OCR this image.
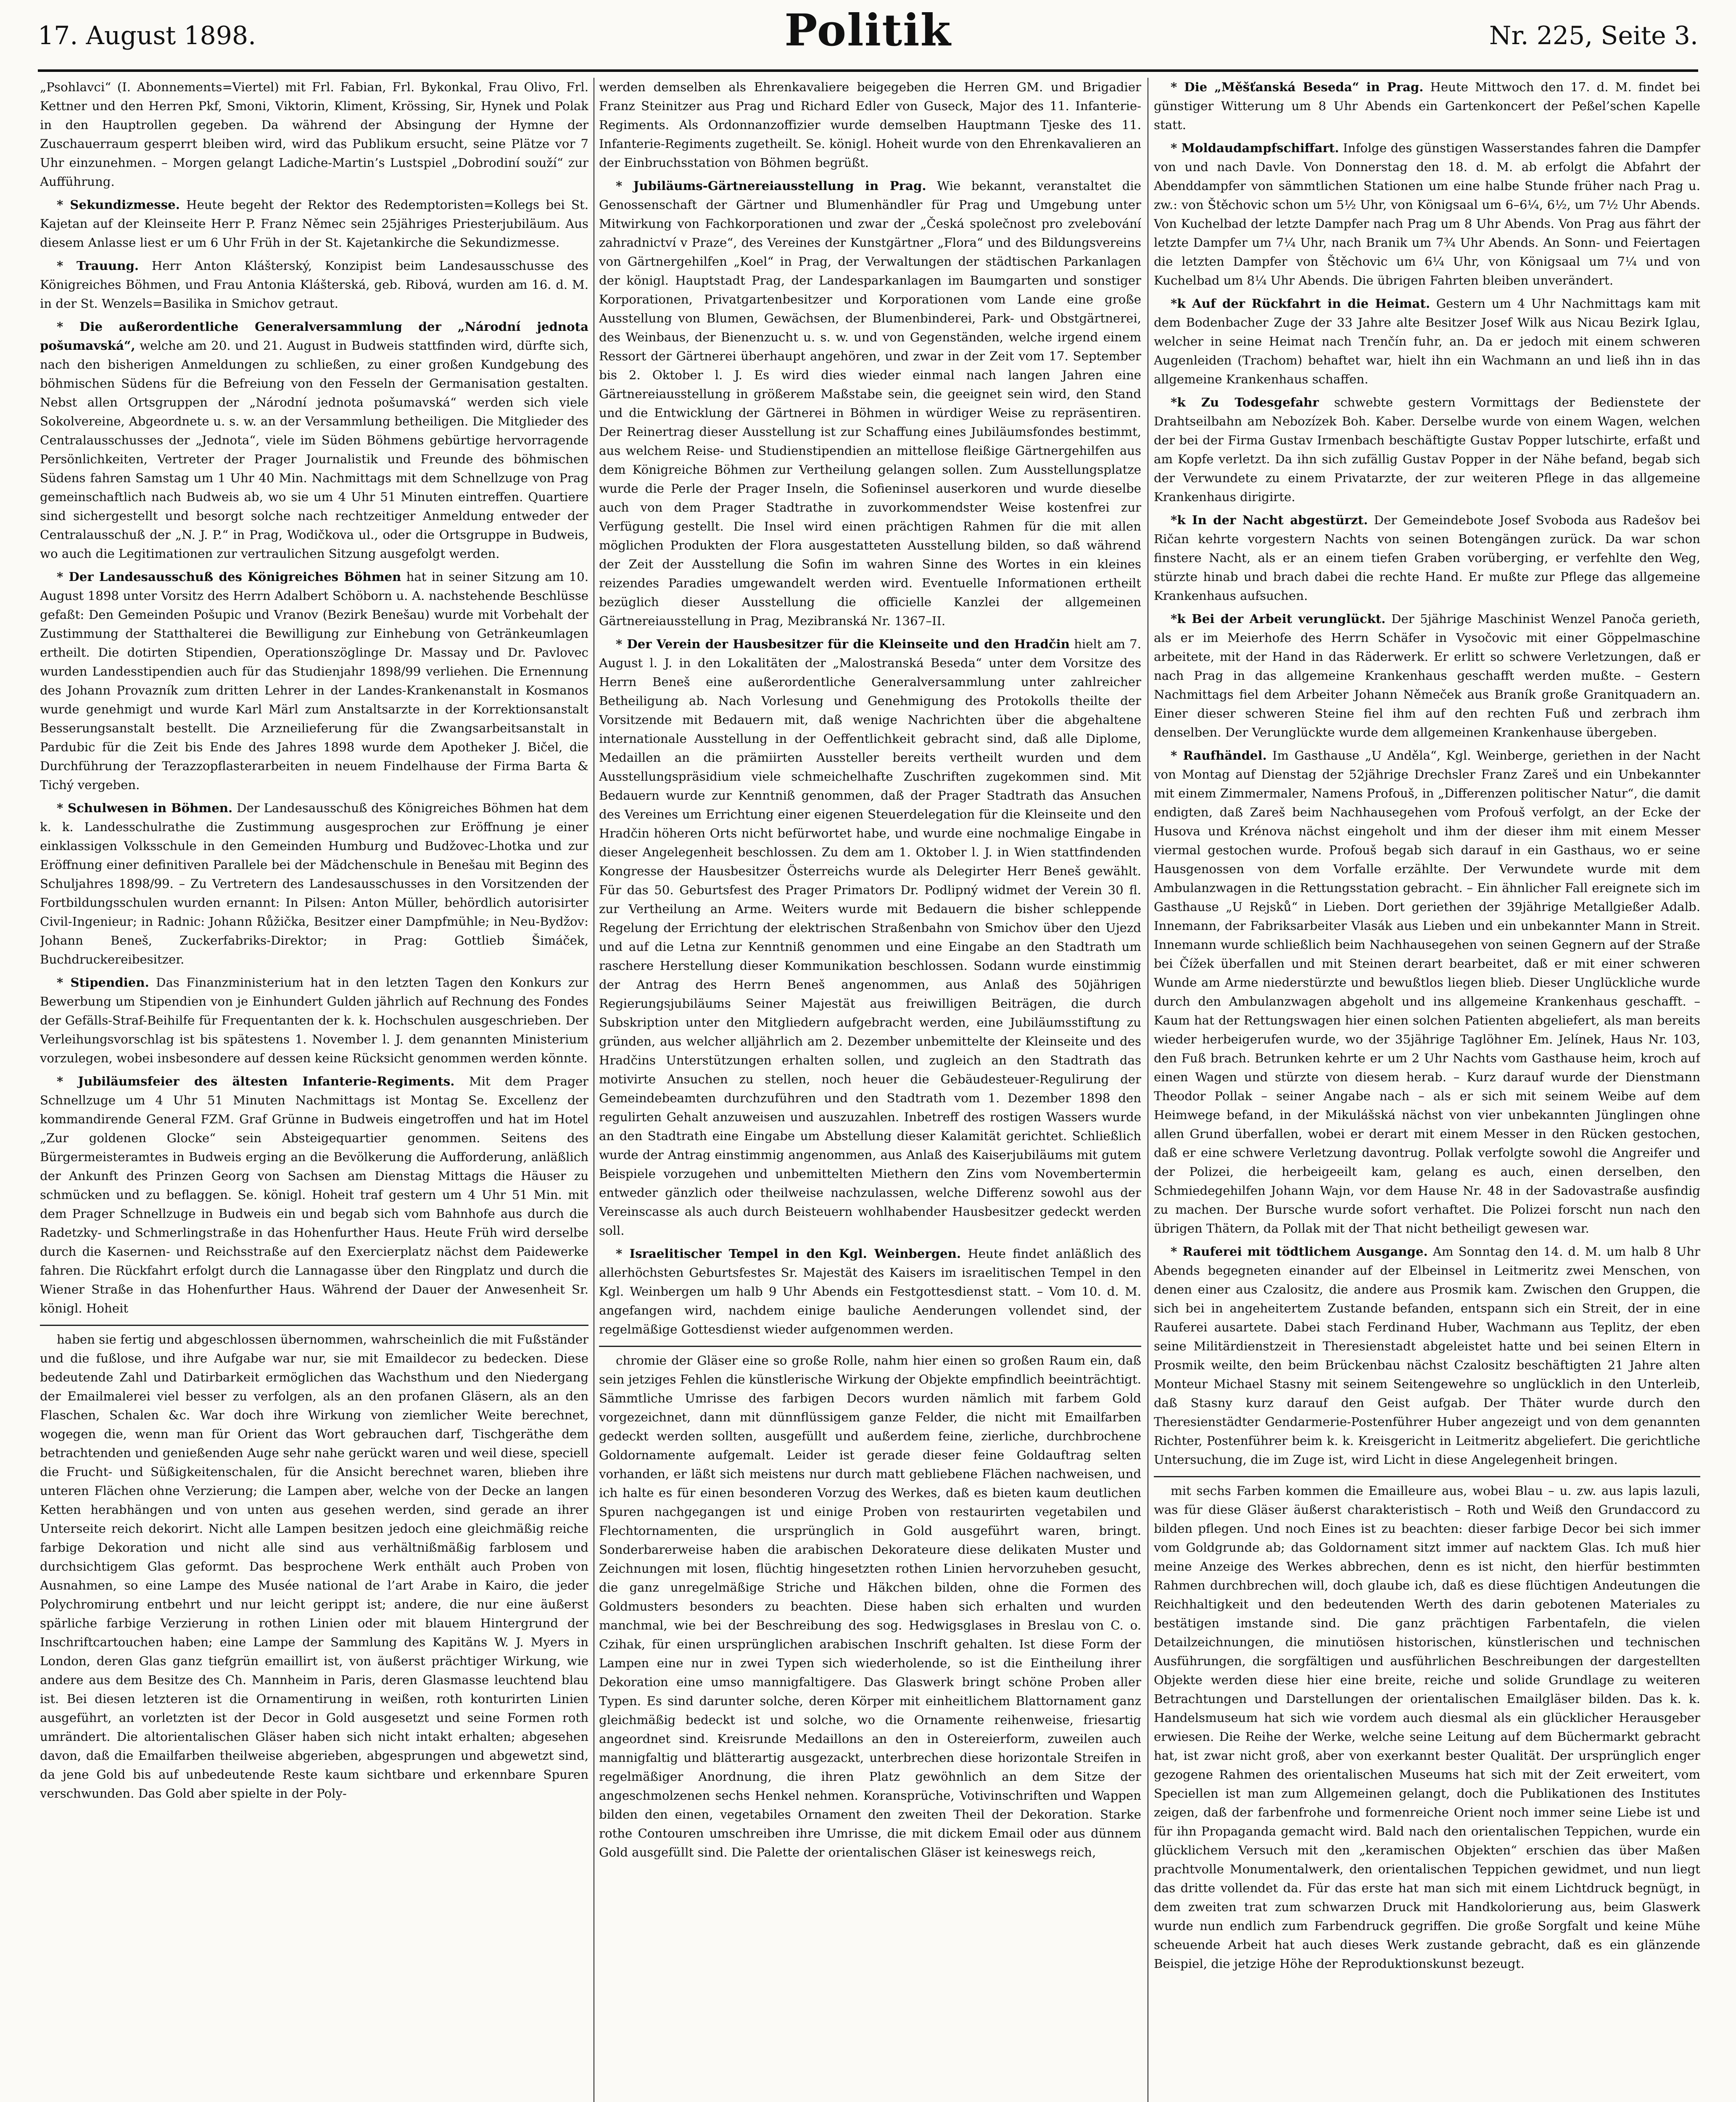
17. August 1898.	Politik	Nr. 225, Seite 3.

„Psohlavci“ (I. Abonnements=Viertel) mit Frl. Fabian, Frl. Bykonkal, Frau Olivo, Frl. Kettner und den Herren Pkf, Smoni, Viktorin, Kliment, Krössing, Sir, Hynek und Polak in den Hauptrollen gegeben. Da während der Absingung der Hymne der Zuschauerraum gesperrt bleiben wird, wird das Publikum ersucht, seine Plätze vor 7 Uhr einzunehmen. – Morgen gelangt Ladiche-Martin’s Lustspiel „Dobrodiní souží“ zur Aufführung.

* Sekundizmesse. Heute begeht der Rektor des Redemptoristen=Kollegs bei St. Kajetan auf der Kleinseite Herr P. Franz Němec sein 25jähriges Priesterjubiläum. Aus diesem Anlasse liest er um 6 Uhr Früh in der St. Kajetankirche die Sekundizmesse.

* Trauung. Herr Anton Klášterský, Konzipist beim Landesausschusse des Königreiches Böhmen, und Frau Antonia Klášterská, geb. Ribová, wurden am 16. d. M. in der St. Wenzels=Basilika in Smichov getraut.

* Die außerordentliche Generalversammlung der „Národní jednota pošumavská“, welche am 20. und 21. August in Budweis stattfinden wird, dürfte sich, nach den bisherigen Anmeldungen zu schließen, zu einer großen Kundgebung des böhmischen Südens für die Befreiung von den Fesseln der Germanisation gestalten. Nebst allen Ortsgruppen der „Národní jednota pošumavská“ werden sich viele Sokolvereine, Abgeordnete u. s. w. an der Versammlung betheiligen. Die Mitglieder des Centralausschusses der „Jednota“, viele im Süden Böhmens gebürtige hervorragende Persönlichkeiten, Vertreter der Prager Journalistik und Freunde des böhmischen Südens fahren Samstag um 1 Uhr 40 Min. Nachmittags mit dem Schnellzuge von Prag gemeinschaftlich nach Budweis ab, wo sie um 4 Uhr 51 Minuten eintreffen. Quartiere sind sichergestellt und besorgt solche nach rechtzeitiger Anmeldung entweder der Centralausschuß der „N. J. P.“ in Prag, Wodičkova ul., oder die Ortsgruppe in Budweis, wo auch die Legitimationen zur vertraulichen Sitzung ausgefolgt werden.

* Der Landesausschuß des Königreiches Böhmen hat in seiner Sitzung am 10. August 1898 unter Vorsitz des Herrn Adalbert Schöborn u. A. nachstehende Beschlüsse gefaßt: Den Gemeinden Pošupic und Vranov (Bezirk Benešau) wurde mit Vorbehalt der Zustimmung der Statthalterei die Bewilligung zur Einhebung von Getränkeumlagen ertheilt. Die dotirten Stipendien, Operationszöglinge Dr. Massay und Dr. Pavlovec wurden Landesstipendien auch für das Studienjahr 1898/99 verliehen. Die Ernennung des Johann Provazník zum dritten Lehrer in der Landes-Krankenanstalt in Kosmanos wurde genehmigt und wurde Karl Märl zum Anstaltsarzte in der Korrektionsanstalt Besserungsanstalt bestellt. Die Arzneilieferung für die Zwangsarbeitsanstalt in Pardubic für die Zeit bis Ende des Jahres 1898 wurde dem Apotheker J. Bičel, die Durchführung der Terazzopflasterarbeiten in neuem Findelhause der Firma Barta & Tichý vergeben.

* Schulwesen in Böhmen. Der Landesausschuß des Königreiches Böhmen hat dem k. k. Landesschulrathe die Zustimmung ausgesprochen zur Eröffnung je einer einklassigen Volksschule in den Gemeinden Humburg und Budžovec-Lhotka und zur Eröffnung einer definitiven Parallele bei der Mädchenschule in Benešau mit Beginn des Schuljahres 1898/99. – Zu Vertretern des Landesausschusses in den Vorsitzenden der Fortbildungsschulen wurden ernannt: In Pilsen: Anton Müller, behördlich autorisirter Civil-Ingenieur; in Radnic: Johann Růžička, Besitzer einer Dampfmühle; in Neu-Bydžov: Johann Beneš, Zuckerfabriks-Direktor; in Prag: Gottlieb Šimáček, Buchdruckereibesitzer.

* Stipendien. Das Finanzministerium hat in den letzten Tagen den Konkurs zur Bewerbung um Stipendien von je Einhundert Gulden jährlich auf Rechnung des Fondes der Gefälls-Straf-Beihilfe für Frequentanten der k. k. Hochschulen ausgeschrieben. Der Verleihungsvorschlag ist bis spätestens 1. November l. J. dem genannten Ministerium vorzulegen, wobei insbesondere auf dessen keine Rücksicht genommen werden könnte.

* Jubiläumsfeier des ältesten Infanterie-Regiments. Mit dem Prager Schnellzuge um 4 Uhr 51 Minuten Nachmittags ist Montag Se. Excellenz der kommandirende General FZM. Graf Grünne in Budweis eingetroffen und hat im Hotel „Zur goldenen Glocke“ sein Absteigequartier genommen. Seitens des Bürgermeisteramtes in Budweis erging an die Bevölkerung die Aufforderung, anläßlich der Ankunft des Prinzen Georg von Sachsen am Dienstag Mittags die Häuser zu schmücken und zu beflaggen. Se. königl. Hoheit traf gestern um 4 Uhr 51 Min. mit dem Prager Schnellzuge in Budweis ein und begab sich vom Bahnhofe aus durch die Radetzky- und Schmerlingstraße in das Hohenfurther Haus. Heute Früh wird derselbe durch die Kasernen- und Reichsstraße auf den Exercierplatz nächst dem Paidewerke fahren. Die Rückfahrt erfolgt durch die Lannagasse über den Ringplatz und durch die Wiener Straße in das Hohenfurther Haus. Während der Dauer der Anwesenheit Sr. königl. Hoheit

haben sie fertig und abgeschlossen übernommen, wahrscheinlich die mit Fußständer und die fußlose, und ihre Aufgabe war nur, sie mit Emaildecor zu bedecken. Diese bedeutende Zahl und Datirbarkeit ermöglichen das Wachsthum und den Niedergang der Emailmalerei viel besser zu verfolgen, als an den profanen Gläsern, als an den Flaschen, Schalen &c. War doch ihre Wirkung von ziemlicher Weite berechnet, wogegen die, wenn man für Orient das Wort gebrauchen darf, Tischgeräthe dem betrachtenden und genießenden Auge sehr nahe gerückt waren und weil diese, speciell die Frucht- und Süßigkeitenschalen, für die Ansicht berechnet waren, blieben ihre unteren Flächen ohne Verzierung; die Lampen aber, welche von der Decke an langen Ketten herabhängen und von unten aus gesehen werden, sind gerade an ihrer Unterseite reich dekorirt. Nicht alle Lampen besitzen jedoch eine gleichmäßig reiche farbige Dekoration und nicht alle sind aus verhältnißmäßig farblosem und durchsichtigem Glas geformt. Das besprochene Werk enthält auch Proben von Ausnahmen, so eine Lampe des Musée national de l’art Arabe in Kairo, die jeder Polychromirung entbehrt und nur leicht gerippt ist; andere, die nur eine äußerst spärliche farbige Verzierung in rothen Linien oder mit blauem Hintergrund der Inschriftcartouchen haben; eine Lampe der Sammlung des Kapitäns W. J. Myers in London, deren Glas ganz tiefgrün emaillirt ist, von äußerst prächtiger Wirkung, wie andere aus dem Besitze des Ch. Mannheim in Paris, deren Glasmasse leuchtend blau ist. Bei diesen letzteren ist die Ornamentirung in weißen, roth konturirten Linien ausgeführt, an vorletzten ist der Decor in Gold ausgesetzt und seine Formen roth umrändert. Die altorientalischen Gläser haben sich nicht intakt erhalten; abgesehen davon, daß die Emailfarben theilweise abgerieben, abgesprungen und abgewetzt sind, da jene Gold bis auf unbedeutende Reste kaum sichtbare und erkennbare Spuren verschwunden. Das Gold aber spielte in der Poly-

werden demselben als Ehrenkavaliere beigegeben die Herren GM. und Brigadier Franz Steinitzer aus Prag und Richard Edler von Guseck, Major des 11. Infanterie-Regiments. Als Ordonnanzoffizier wurde demselben Hauptmann Tjeske des 11. Infanterie-Regiments zugetheilt. Se. königl. Hoheit wurde von den Ehrenkavalieren an der Einbruchsstation von Böhmen begrüßt.

* Jubiläums-Gärtnereiausstellung in Prag. Wie bekannt, veranstaltet die Genossenschaft der Gärtner und Blumenhändler für Prag und Umgebung unter Mitwirkung von Fachkorporationen und zwar der „Česká společnost pro zvelebování zahradnictví v Praze“, des Vereines der Kunstgärtner „Flora“ und des Bildungsvereins von Gärtnergehilfen „Koel“ in Prag, der Verwaltungen der städtischen Parkanlagen der königl. Hauptstadt Prag, der Landesparkanlagen im Baumgarten und sonstiger Korporationen, Privatgartenbesitzer und Korporationen vom Lande eine große Ausstellung von Blumen, Gewächsen, der Blumenbinderei, Park- und Obstgärtnerei, des Weinbaus, der Bienenzucht u. s. w. und von Gegenständen, welche irgend einem Ressort der Gärtnerei überhaupt angehören, und zwar in der Zeit vom 17. September bis 2. Oktober l. J. Es wird dies wieder einmal nach langen Jahren eine Gärtnereiausstellung in größerem Maßstabe sein, die geeignet sein wird, den Stand und die Entwicklung der Gärtnerei in Böhmen in würdiger Weise zu repräsentiren. Der Reinertrag dieser Ausstellung ist zur Schaffung eines Jubiläumsfondes bestimmt, aus welchem Reise- und Studienstipendien an mittellose fleißige Gärtnergehilfen aus dem Königreiche Böhmen zur Vertheilung gelangen sollen. Zum Ausstellungsplatze wurde die Perle der Prager Inseln, die Sofieninsel auserkoren und wurde dieselbe auch von dem Prager Stadtrathe in zuvorkommendster Weise kostenfrei zur Verfügung gestellt. Die Insel wird einen prächtigen Rahmen für die mit allen möglichen Produkten der Flora ausgestatteten Ausstellung bilden, so daß während der Zeit der Ausstellung die Sofin im wahren Sinne des Wortes in ein kleines reizendes Paradies umgewandelt werden wird. Eventuelle Informationen ertheilt bezüglich dieser Ausstellung die officielle Kanzlei der allgemeinen Gärtnereiausstellung in Prag, Mezibranská Nr. 1367–II.

* Der Verein der Hausbesitzer für die Kleinseite und den Hradčin hielt am 7. August l. J. in den Lokalitäten der „Malostranská Beseda“ unter dem Vorsitze des Herrn Beneš eine außerordentliche Generalversammlung unter zahlreicher Betheiligung ab. Nach Vorlesung und Genehmigung des Protokolls theilte der Vorsitzende mit Bedauern mit, daß wenige Nachrichten über die abgehaltene internationale Ausstellung in der Oeffentlichkeit gebracht sind, daß alle Diplome, Medaillen an die prämiirten Aussteller bereits vertheilt wurden und dem Ausstellungspräsidium viele schmeichelhafte Zuschriften zugekommen sind. Mit Bedauern wurde zur Kenntniß genommen, daß der Prager Stadtrath das Ansuchen des Vereines um Errichtung einer eigenen Steuerdelegation für die Kleinseite und den Hradčin höheren Orts nicht befürwortet habe, und wurde eine nochmalige Eingabe in dieser Angelegenheit beschlossen. Zu dem am 1. Oktober l. J. in Wien stattfindenden Kongresse der Hausbesitzer Österreichs wurde als Delegirter Herr Beneš gewählt. Für das 50. Geburtsfest des Prager Primators Dr. Podlipný widmet der Verein 30 fl. zur Vertheilung an Arme. Weiters wurde mit Bedauern die bisher schleppende Regelung der Errichtung der elektrischen Straßenbahn von Smichov über den Ujezd und auf die Letna zur Kenntniß genommen und eine Eingabe an den Stadtrath um raschere Herstellung dieser Kommunikation beschlossen. Sodann wurde einstimmig der Antrag des Herrn Beneš angenommen, aus Anlaß des 50jährigen Regierungsjubiläums Seiner Majestät aus freiwilligen Beiträgen, die durch Subskription unter den Mitgliedern aufgebracht werden, eine Jubiläumsstiftung zu gründen, aus welcher alljährlich am 2. Dezember unbemittelte der Kleinseite und des Hradčins Unterstützungen erhalten sollen, und zugleich an den Stadtrath das motivirte Ansuchen zu stellen, noch heuer die Gebäudesteuer-Regulirung der Gemeindebeamten durchzuführen und den Stadtrath vom 1. Dezember 1898 den regulirten Gehalt anzuweisen und auszuzahlen. Inbetreff des rostigen Wassers wurde an den Stadtrath eine Eingabe um Abstellung dieser Kalamität gerichtet. Schließlich wurde der Antrag einstimmig angenommen, aus Anlaß des Kaiserjubiläums mit gutem Beispiele vorzugehen und unbemittelten Miethern den Zins vom Novembertermin entweder gänzlich oder theilweise nachzulassen, welche Differenz sowohl aus der Vereinscasse als auch durch Beisteuern wohlhabender Hausbesitzer gedeckt werden soll.

* Israelitischer Tempel in den Kgl. Weinbergen. Heute findet anläßlich des allerhöchsten Geburtsfestes Sr. Majestät des Kaisers im israelitischen Tempel in den Kgl. Weinbergen um halb 9 Uhr Abends ein Festgottesdienst statt. – Vom 10. d. M. angefangen wird, nachdem einige bauliche Aenderungen vollendet sind, der regelmäßige Gottesdienst wieder aufgenommen werden.

chromie der Gläser eine so große Rolle, nahm hier einen so großen Raum ein, daß sein jetziges Fehlen die künstlerische Wirkung der Objekte empfindlich beeinträchtigt. Sämmtliche Umrisse des farbigen Decors wurden nämlich mit farbem Gold vorgezeichnet, dann mit dünnflüssigem ganze Felder, die nicht mit Emailfarben gedeckt werden sollten, ausgefüllt und außerdem feine, zierliche, durchbrochene Goldornamente aufgemalt. Leider ist gerade dieser feine Goldauftrag selten vorhanden, er läßt sich meistens nur durch matt gebliebene Flächen nachweisen, und ich halte es für einen besonderen Vorzug des Werkes, daß es bieten kaum deutlichen Spuren nachgegangen ist und einige Proben von restaurirten vegetabilen und Flechtornamenten, die ursprünglich in Gold ausgeführt waren, bringt. Sonderbarerweise haben die arabischen Dekorateure diese delikaten Muster und Zeichnungen mit losen, flüchtig hingesetzten rothen Linien hervorzuheben gesucht, die ganz unregelmäßige Striche und Häkchen bilden, ohne die Formen des Goldmusters besonders zu beachten. Diese haben sich erhalten und wurden manchmal, wie bei der Beschreibung des sog. Hedwigsglases in Breslau von C. o. Czihak, für einen ursprünglichen arabischen Inschrift gehalten. Ist diese Form der Lampen eine nur in zwei Typen sich wiederholende, so ist die Eintheilung ihrer Dekoration eine umso mannigfaltigere. Das Glaswerk bringt schöne Proben aller Typen. Es sind darunter solche, deren Körper mit einheitlichem Blattornament ganz gleichmäßig bedeckt ist und solche, wo die Ornamente reihenweise, friesartig angeordnet sind. Kreisrunde Medaillons an den in Ostereierform, zuweilen auch mannigfaltig und blätterartig ausgezackt, unterbrechen diese horizontale Streifen in regelmäßiger Anordnung, die ihren Platz gewöhnlich an dem Sitze der angeschmolzenen sechs Henkel nehmen. Koransprüche, Votivinschriften und Wappen bilden den einen, vegetabiles Ornament den zweiten Theil der Dekoration. Starke rothe Contouren umschreiben ihre Umrisse, die mit dickem Email oder aus dünnem Gold ausgefüllt sind. Die Palette der orientalischen Gläser ist keineswegs reich,

* Die „Měšťanská Beseda“ in Prag. Heute Mittwoch den 17. d. M. findet bei günstiger Witterung um 8 Uhr Abends ein Gartenkoncert der Peßel’schen Kapelle statt.

* Moldaudampfschiffart. Infolge des günstigen Wasserstandes fahren die Dampfer von und nach Davle. Von Donnerstag den 18. d. M. ab erfolgt die Abfahrt der Abenddampfer von sämmtlichen Stationen um eine halbe Stunde früher nach Prag u. zw.: von Štěchovic schon um 5½ Uhr, von Königsaal um 6–6¼, 6½, um 7½ Uhr Abends. Von Kuchelbad der letzte Dampfer nach Prag um 8 Uhr Abends. Von Prag aus fährt der letzte Dampfer um 7¼ Uhr, nach Branik um 7¾ Uhr Abends. An Sonn- und Feiertagen die letzten Dampfer von Štěchovic um 6¼ Uhr, von Königsaal um 7¼ und von Kuchelbad um 8¼ Uhr Abends. Die übrigen Fahrten bleiben unverändert.

*k Auf der Rückfahrt in die Heimat. Gestern um 4 Uhr Nachmittags kam mit dem Bodenbacher Zuge der 33 Jahre alte Besitzer Josef Wilk aus Nicau Bezirk Iglau, welcher in seine Heimat nach Trenčín fuhr, an. Da er jedoch mit einem schweren Augenleiden (Trachom) behaftet war, hielt ihn ein Wachmann an und ließ ihn in das allgemeine Krankenhaus schaffen.

*k Zu Todesgefahr schwebte gestern Vormittags der Bedienstete der Drahtseilbahn am Nebozízek Boh. Kaber. Derselbe wurde von einem Wagen, welchen der bei der Firma Gustav Irmenbach beschäftigte Gustav Popper lutschirte, erfaßt und am Kopfe verletzt. Da ihn sich zufällig Gustav Popper in der Nähe befand, begab sich der Verwundete zu einem Privatarzte, der zur weiteren Pflege in das allgemeine Krankenhaus dirigirte.

*k In der Nacht abgestürzt. Der Gemeindebote Josef Svoboda aus Radešov bei Ričan kehrte vorgestern Nachts von seinen Botengängen zurück. Da war schon finstere Nacht, als er an einem tiefen Graben vorüberging, er verfehlte den Weg, stürzte hinab und brach dabei die rechte Hand. Er mußte zur Pflege das allgemeine Krankenhaus aufsuchen.

*k Bei der Arbeit verunglückt. Der 5jährige Maschinist Wenzel Panoča gerieth, als er im Meierhofe des Herrn Schäfer in Vysočovic mit einer Göppelmaschine arbeitete, mit der Hand in das Räderwerk. Er erlitt so schwere Verletzungen, daß er nach Prag in das allgemeine Krankenhaus geschafft werden mußte. – Gestern Nachmittags fiel dem Arbeiter Johann Němeček aus Braník große Granitquadern an. Einer dieser schweren Steine fiel ihm auf den rechten Fuß und zerbrach ihm denselben. Der Verunglückte wurde dem allgemeinen Krankenhause übergeben.

* Raufhändel. Im Gasthause „U Anděla“, Kgl. Weinberge, geriethen in der Nacht von Montag auf Dienstag der 52jährige Drechsler Franz Zareš und ein Unbekannter mit einem Zimmermaler, Namens Profouš, in „Differenzen politischer Natur“, die damit endigten, daß Zareš beim Nachhausegehen vom Profouš verfolgt, an der Ecke der Husova und Krénova nächst eingeholt und ihm der dieser ihm mit einem Messer viermal gestochen wurde. Profouš begab sich darauf in ein Gasthaus, wo er seine Hausgenossen von dem Vorfalle erzählte. Der Verwundete wurde mit dem Ambulanzwagen in die Rettungsstation gebracht. – Ein ähnlicher Fall ereignete sich im Gasthause „U Rejsků“ in Lieben. Dort geriethen der 39jährige Metallgießer Adalb. Innemann, der Fabriksarbeiter Vlasák aus Lieben und ein unbekannter Mann in Streit. Innemann wurde schließlich beim Nachhausegehen von seinen Gegnern auf der Straße bei Čížek überfallen und mit Steinen derart bearbeitet, daß er mit einer schweren Wunde am Arme niederstürzte und bewußtlos liegen blieb. Dieser Unglückliche wurde durch den Ambulanzwagen abgeholt und ins allgemeine Krankenhaus geschafft. – Kaum hat der Rettungswagen hier einen solchen Patienten abgeliefert, als man bereits wieder herbeigerufen wurde, wo der 35jährige Taglöhner Em. Jelínek, Haus Nr. 103, den Fuß brach. Betrunken kehrte er um 2 Uhr Nachts vom Gasthause heim, kroch auf einen Wagen und stürzte von diesem herab. – Kurz darauf wurde der Dienstmann Theodor Pollak – seiner Angabe nach – als er sich mit seinem Weibe auf dem Heimwege befand, in der Mikulášská nächst von vier unbekannten Jünglingen ohne allen Grund überfallen, wobei er derart mit einem Messer in den Rücken gestochen, daß er eine schwere Verletzung davontrug. Pollak verfolgte sowohl die Angreifer und der Polizei, die herbeigeeilt kam, gelang es auch, einen derselben, den Schmiedegehilfen Johann Wajn, vor dem Hause Nr. 48 in der Sadovastraße ausfindig zu machen. Der Bursche wurde sofort verhaftet. Die Polizei forscht nun nach den übrigen Thätern, da Pollak mit der That nicht betheiligt gewesen war.

* Rauferei mit tödtlichem Ausgange. Am Sonntag den 14. d. M. um halb 8 Uhr Abends begegneten einander auf der Elbeinsel in Leitmeritz zwei Menschen, von denen einer aus Czalositz, die andere aus Prosmik kam. Zwischen den Gruppen, die sich bei in angeheitertem Zustande befanden, entspann sich ein Streit, der in eine Rauferei ausartete. Dabei stach Ferdinand Huber, Wachmann aus Teplitz, der eben seine Militärdienstzeit in Theresienstadt abgeleistet hatte und bei seinen Eltern in Prosmik weilte, den beim Brückenbau nächst Czalositz beschäftigten 21 Jahre alten Monteur Michael Stasny mit seinem Seitengewehre so unglücklich in den Unterleib, daß Stasny kurz darauf den Geist aufgab. Der Thäter wurde durch den Theresienstädter Gendarmerie-Postenführer Huber angezeigt und von dem genannten Richter, Postenführer beim k. k. Kreisgericht in Leitmeritz abgeliefert. Die gerichtliche Untersuchung, die im Zuge ist, wird Licht in diese Angelegenheit bringen.

mit sechs Farben kommen die Emailleure aus, wobei Blau – u. zw. aus lapis lazuli, was für diese Gläser äußerst charakteristisch – Roth und Weiß den Grundaccord zu bilden pflegen. Und noch Eines ist zu beachten: dieser farbige Decor bei sich immer vom Goldgrunde ab; das Goldornament sitzt immer auf nacktem Glas. Ich muß hier meine Anzeige des Werkes abbrechen, denn es ist nicht, den hierfür bestimmten Rahmen durchbrechen will, doch glaube ich, daß es diese flüchtigen Andeutungen die Reichhaltigkeit und den bedeutenden Werth des darin gebotenen Materiales zu bestätigen imstande sind. Die ganz prächtigen Farbentafeln, die vielen Detailzeichnungen, die minutiösen historischen, künstlerischen und technischen Ausführungen, die sorgfältigen und ausführlichen Beschreibungen der dargestellten Objekte werden diese hier eine breite, reiche und solide Grundlage zu weiteren Betrachtungen und Darstellungen der orientalischen Emailgläser bilden. Das k. k. Handelsmuseum hat sich wie vordem auch diesmal als ein glücklicher Herausgeber erwiesen. Die Reihe der Werke, welche seine Leitung auf dem Büchermarkt gebracht hat, ist zwar nicht groß, aber von exerkannt bester Qualität. Der ursprünglich enger gezogene Rahmen des orientalischen Museums hat sich mit der Zeit erweitert, vom Speciellen ist man zum Allgemeinen gelangt, doch die Publikationen des Institutes zeigen, daß der farbenfrohe und formenreiche Orient noch immer seine Liebe ist und für ihn Propaganda gemacht wird. Bald nach den orientalischen Teppichen, wurde ein glücklichem Versuch mit den „keramischen Objekten“ erschien das über Maßen prachtvolle Monumentalwerk, den orientalischen Teppichen gewidmet, und nun liegt das dritte vollendet da. Für das erste hat man sich mit einem Lichtdruck begnügt, in dem zweiten trat zum schwarzen Druck mit Handkolorierung aus, beim Glaswerk wurde nun endlich zum Farbendruck gegriffen. Die große Sorgfalt und keine Mühe scheuende Arbeit hat auch dieses Werk zustande gebracht, daß es ein glänzende Beispiel, die jetzige Höhe der Reproduktionskunst bezeugt.
